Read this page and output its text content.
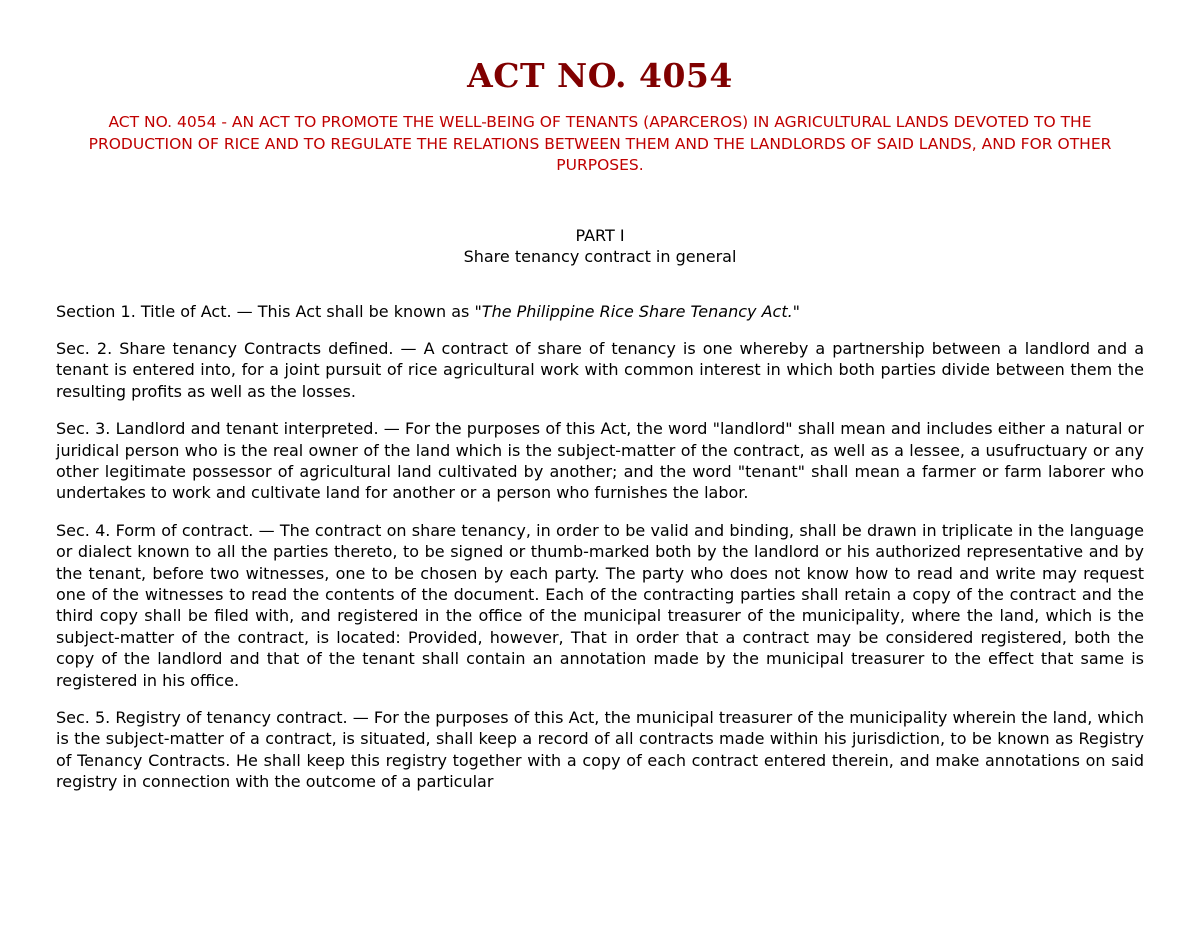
ACT NO. 4054

ACT NO. 4054 - AN ACT TO PROMOTE THE WELL-BEING OF TENANTS (APARCEROS) IN AGRICULTURAL LANDS DEVOTED TO THE PRODUCTION OF RICE AND TO REGULATE THE RELATIONS BETWEEN THEM AND THE LANDLORDS OF SAID LANDS, AND FOR OTHER PURPOSES.

PART I
Share tenancy contract in general

Section 1. Title of Act. — This Act shall be known as "The Philippine Rice Share Tenancy Act."

Sec. 2. Share tenancy Contracts defined. — A contract of share of tenancy is one whereby a partnership between a landlord and a tenant is entered into, for a joint pursuit of rice agricultural work with common interest in which both parties divide between them the resulting profits as well as the losses.

Sec. 3. Landlord and tenant interpreted. — For the purposes of this Act, the word "landlord" shall mean and includes either a natural or juridical person who is the real owner of the land which is the subject-matter of the contract, as well as a lessee, a usufructuary or any other legitimate possessor of agricultural land cultivated by another; and the word "tenant" shall mean a farmer or farm laborer who undertakes to work and cultivate land for another or a person who furnishes the labor.

Sec. 4. Form of contract. — The contract on share tenancy, in order to be valid and binding, shall be drawn in triplicate in the language or dialect known to all the parties thereto, to be signed or thumb-marked both by the landlord or his authorized representative and by the tenant, before two witnesses, one to be chosen by each party. The party who does not know how to read and write may request one of the witnesses to read the contents of the document. Each of the contracting parties shall retain a copy of the contract and the third copy shall be filed with, and registered in the office of the municipal treasurer of the municipality, where the land, which is the subject-matter of the contract, is located: Provided, however, That in order that a contract may be considered registered, both the copy of the landlord and that of the tenant shall contain an annotation made by the municipal treasurer to the effect that same is registered in his office.

Sec. 5. Registry of tenancy contract. — For the purposes of this Act, the municipal treasurer of the municipality wherein the land, which is the subject-matter of a contract, is situated, shall keep a record of all contracts made within his jurisdiction, to be known as Registry of Tenancy Contracts. He shall keep this registry together with a copy of each contract entered therein, and make annotations on said registry in connection with the outcome of a particular
